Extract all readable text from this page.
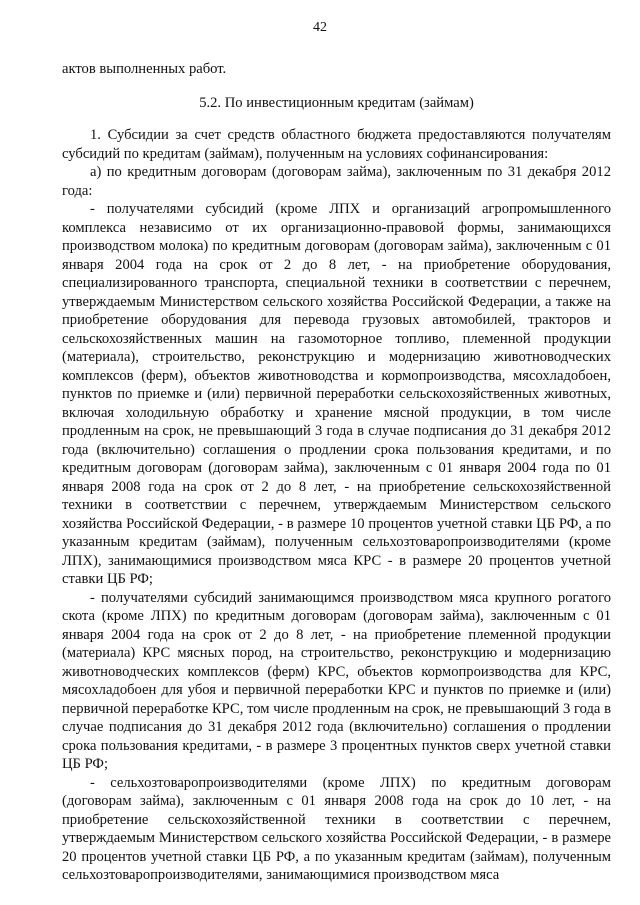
42

актов выполненных работ.

5.2. По инвестиционным кредитам (займам)

1. Субсидии за счет средств областного бюджета предоставляются получателям субсидий по кредитам (займам), полученным на условиях софинансирования:

а) по кредитным договорам (договорам займа), заключенным по 31 декабря 2012 года:

- получателями субсидий (кроме ЛПХ и организаций агропромышленного комплекса независимо от их организационно-правовой формы, занимающихся производством молока) по кредитным договорам (договорам займа), заключенным с 01 января 2004 года на срок от 2 до 8 лет, - на приобретение оборудования, специализированного транспорта, специальной техники в соответствии с перечнем, утверждаемым Министерством сельского хозяйства Российской Федерации, а также на приобретение оборудования для перевода грузовых автомобилей, тракторов и сельскохозяйственных машин на газомоторное топливо, племенной продукции (материала), строительство, реконструкцию и модернизацию животноводческих комплексов (ферм), объектов животноводства и кормопроизводства, мясохладобоен, пунктов по приемке и (или) первичной переработки сельскохозяйственных животных, включая холодильную обработку и хранение мясной продукции, в том числе продленным на срок, не превышающий 3 года в случае подписания до 31 декабря 2012 года (включительно) соглашения о продлении срока пользования кредитами, и по кредитным договорам (договорам займа), заключенным с 01 января 2004 года по 01 января 2008 года на срок от 2 до 8 лет, - на приобретение сельскохозяйственной техники в соответствии с перечнем, утверждаемым Министерством сельского хозяйства Российской Федерации, - в размере 10 процентов учетной ставки ЦБ РФ, а по указанным кредитам (займам), полученным сельхозтоваропроизводителями (кроме ЛПХ), занимающимися производством мяса КРС - в размере 20 процентов учетной ставки ЦБ РФ;

- получателями субсидий занимающимся производством мяса крупного рогатого скота (кроме ЛПХ) по кредитным договорам (договорам займа), заключенным с 01 января 2004 года на срок от 2 до 8 лет, - на приобретение племенной продукции (материала) КРС мясных пород, на строительство, реконструкцию и модернизацию животноводческих комплексов (ферм) КРС, объектов кормопроизводства для КРС, мясохладобоен для убоя и первичной переработки КРС и пунктов по приемке и (или) первичной переработке КРС, том числе продленным на срок, не превышающий 3 года в случае подписания до 31 декабря 2012 года (включительно) соглашения о продлении срока пользования кредитами, - в размере 3 процентных пунктов сверх учетной ставки ЦБ РФ;

- сельхозтоваропроизводителями (кроме ЛПХ) по кредитным договорам (договорам займа), заключенным с 01 января 2008 года на срок до 10 лет, - на приобретение сельскохозяйственной техники в соответствии с перечнем, утверждаемым Министерством сельского хозяйства Российской Федерации, - в размере 20 процентов учетной ставки ЦБ РФ, а по указанным кредитам (займам), полученным сельхозтоваропроизводителями, занимающимися производством мяса
